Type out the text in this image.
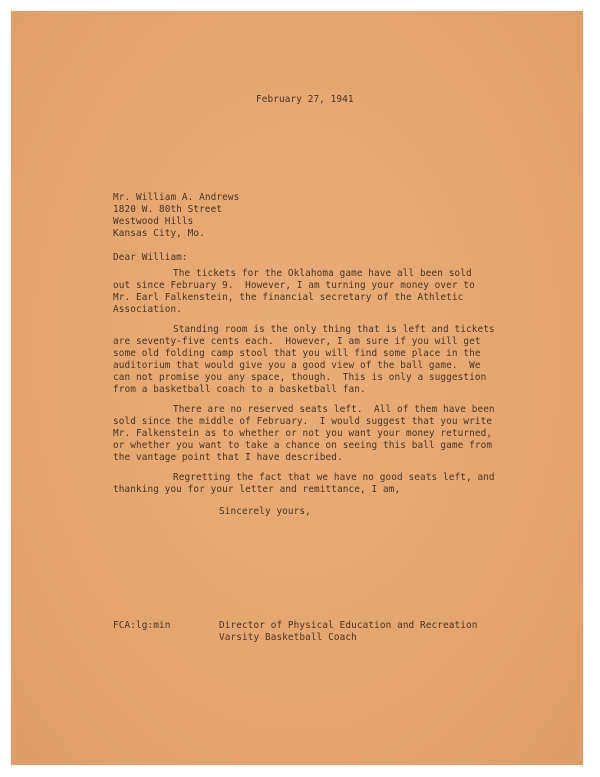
February 27, 1941
Mr. William A. Andrews
1820 W. 80th Street
Westwood Hills
Kansas City, Mo.
Dear William:
The tickets for the Oklahoma game have all been sold
out since February 9.  However, I am turning your money over to
Mr. Earl Falkenstein, the financial secretary of the Athletic
Association.
Standing room is the only thing that is left and tickets
are seventy-five cents each.  However, I am sure if you will get
some old folding camp stool that you will find some place in the
auditorium that would give you a good view of the ball game.  We
can not promise you any space, though.  This is only a suggestion
from a basketball coach to a basketball fan.
There are no reserved seats left.  All of them have been
sold since the middle of February.  I would suggest that you write
Mr. Falkenstein as to whether or not you want your money returned,
or whether you want to take a chance on seeing this ball game from
the vantage point that I have described.
Regretting the fact that we have no good seats left, and
thanking you for your letter and remittance, I am,
Sincerely yours,
FCA:lg:min	Director of Physical Education and Recreation
Varsity Basketball Coach
